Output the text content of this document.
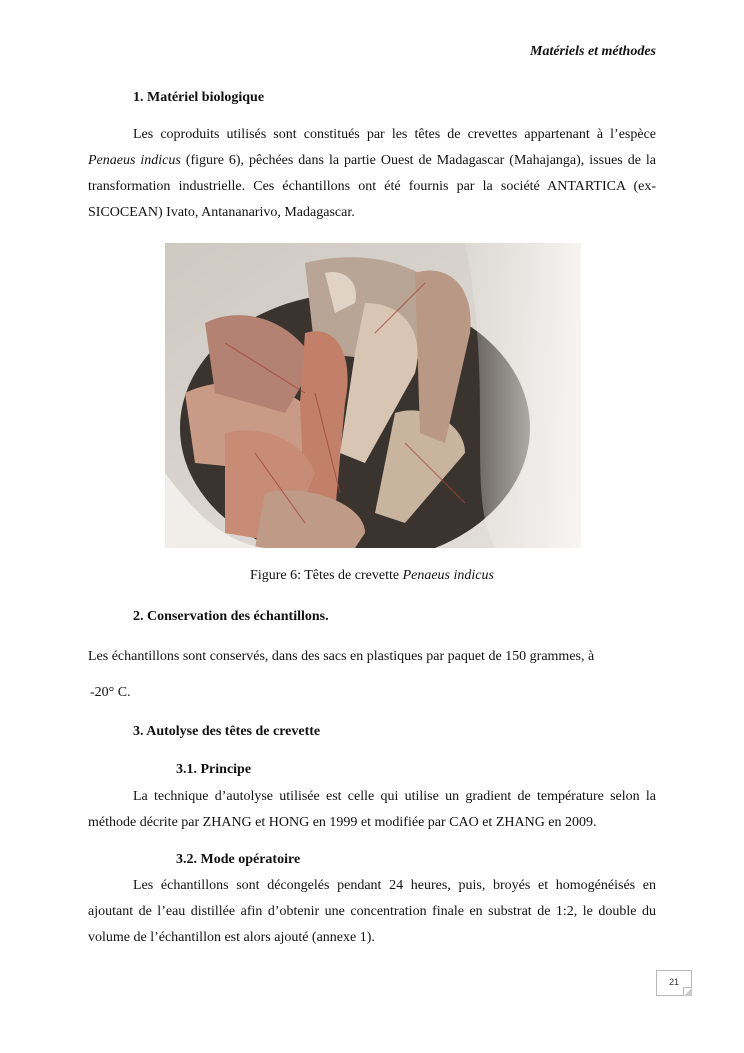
Matériels et méthodes
1. Matériel biologique

Les coproduits utilisés sont constitués par les têtes de crevettes appartenant à l’espèce Penaeus indicus (figure 6), pêchées dans la partie Ouest de Madagascar (Mahajanga), issues de la transformation industrielle. Ces échantillons ont été fournis par la société ANTARTICA (ex-SICOCEAN) Ivato, Antananarivo, Madagascar.

Figure 6: Têtes de crevette Penaeus indicus
2. Conservation des échantillons.
Les échantillons sont conservés, dans des sacs en plastiques par paquet de 150 grammes, à
-20° C.
3. Autolyse des têtes de crevette
3.1. Principe

La technique d’autolyse utilisée est celle qui utilise un gradient de température selon la méthode décrite par ZHANG et HONG en 1999 et modifiée par CAO et ZHANG en 2009.

3.2. Mode opératoire

Les échantillons sont décongelés pendant 24 heures, puis, broyés et homogénéisés en ajoutant de l’eau distillée afin d’obtenir une concentration finale en substrat de 1:2, le double du volume de l’échantillon est alors ajouté (annexe 1).

21
